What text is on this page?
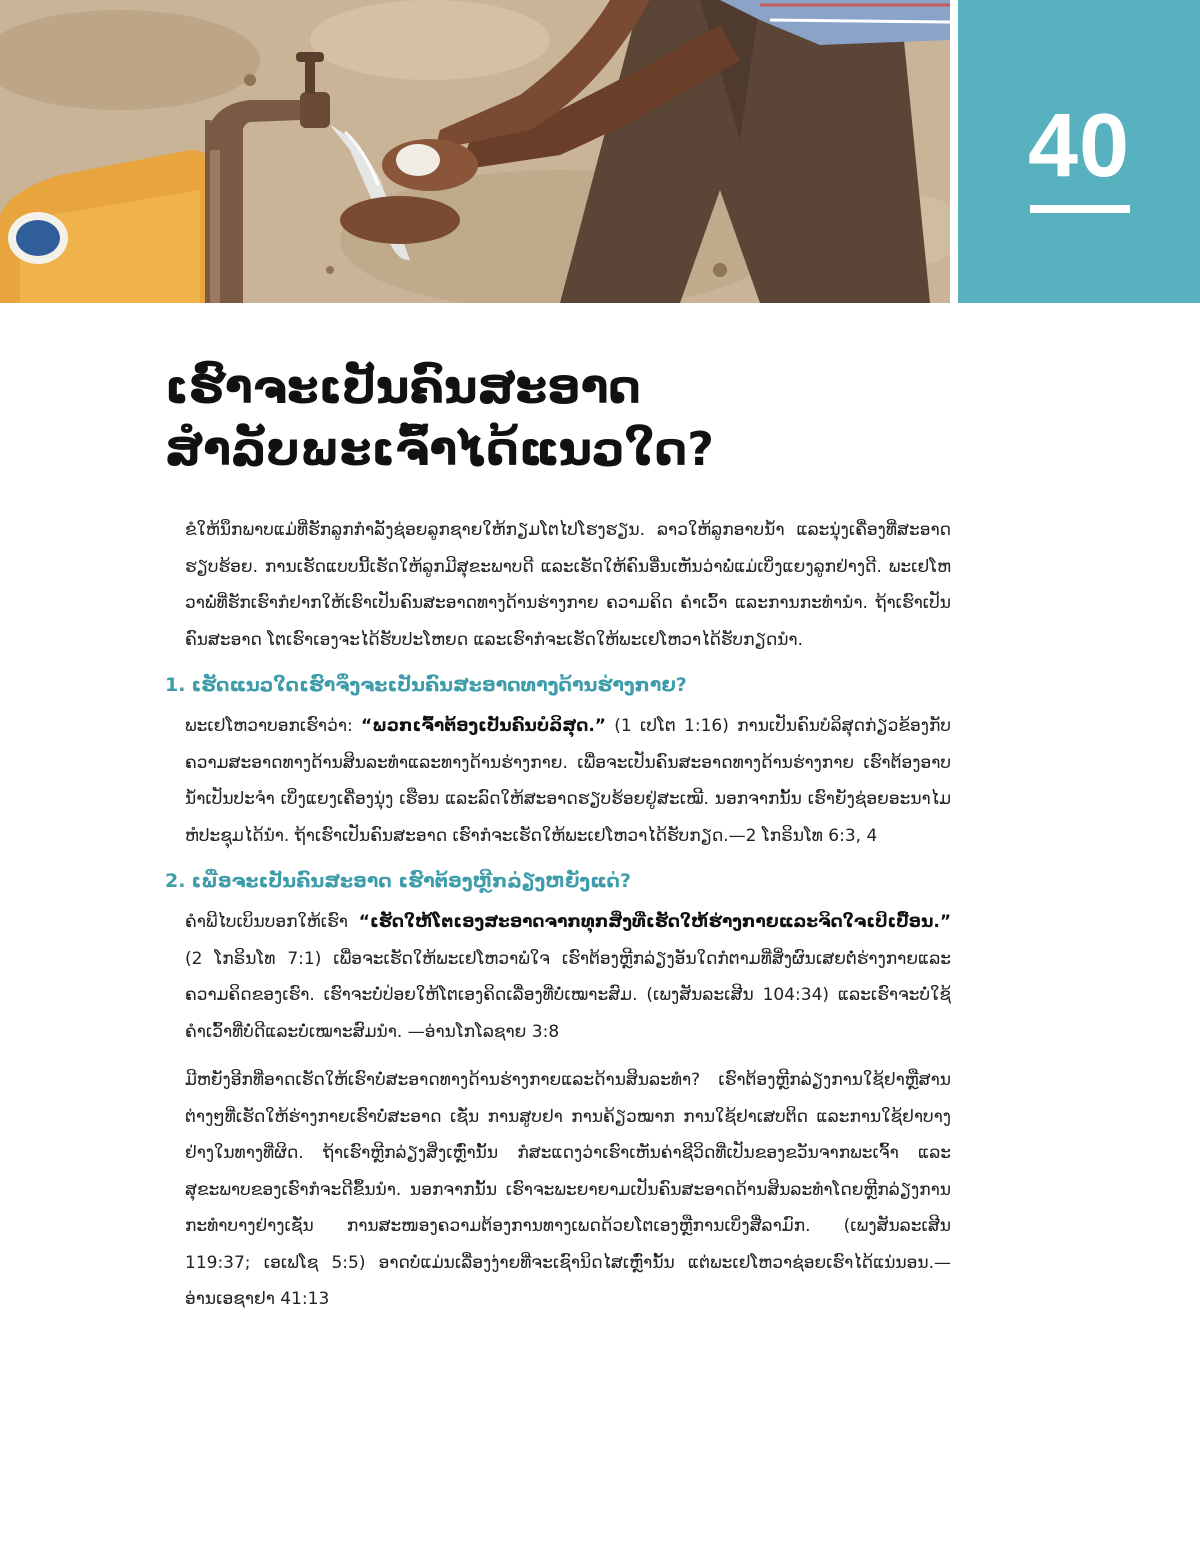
40
ເຮົາຈະເປັນຄົນສະອາດ
ສຳລັບພະເຈົ້າໄດ້ແນວໃດ?

ຂໍໃຫ້ນຶກພາບແມ່ທີ່ຮັກລູກກຳລັງຊ່ອຍລູກຊາຍໃຫ້ກຽມໂຕໄປໂຮງຮຽນ. ລາວໃຫ້ລູກອາບນ້ຳ ແລະນຸ່ງເຄື່ອງທີ່ສະອາດຮຽບຮ້ອຍ. ການເຮັດແບບນີ້ເຮັດໃຫ້ລູກມີສຸຂະພາບດີ ແລະເຮັດໃຫ້ຄົນອື່ນເຫັນວ່າພໍ່ແມ່ເບິ່ງແຍງລູກຢ່າງດີ. ພະເຢໂຫວາພໍ່ທີ່ຮັກເຮົາກໍຢາກໃຫ້ເຮົາເປັນຄົນສະອາດທາງດ້ານຮ່າງກາຍ ຄວາມຄິດ ຄຳເວົ້າ ແລະການກະທຳນຳ. ຖ້າເຮົາເປັນຄົນສະອາດ ໂຕເຮົາເອງຈະໄດ້ຮັບປະໂຫຍດ ແລະເຮົາກໍຈະເຮັດໃຫ້ພະເຢໂຫວາໄດ້ຮັບກຽດນຳ.

1. ເຮັດແນວໃດເຮົາຈຶ່ງຈະເປັນຄົນສະອາດທາງດ້ານຮ່າງກາຍ?

ພະເຢໂຫວາບອກເຮົາວ່າ: “ພວກເຈົ້າຕ້ອງເປັນຄົນບໍລິສຸດ.” (1 ເປໂຕ 1:16) ການເປັນຄົນບໍລິສຸດກ່ຽວຂ້ອງກັບຄວາມສະອາດທາງດ້ານສິນລະທຳແລະທາງດ້ານຮ່າງກາຍ. ເພື່ອຈະເປັນຄົນສະອາດທາງດ້ານຮ່າງກາຍ ເຮົາຕ້ອງອາບນ້ຳເປັນປະຈຳ ເບິ່ງແຍງເຄື່ອງນຸ່ງ ເຮືອນ ແລະລົດໃຫ້ສະອາດຮຽບຮ້ອຍຢູ່ສະເໝີ. ນອກຈາກນັ້ນ ເຮົາຍັງຊ່ອຍອະນາໄມຫໍປະຊຸມໄດ້ນຳ. ຖ້າເຮົາເປັນຄົນສະອາດ ເຮົາກໍຈະເຮັດໃຫ້ພະເຢໂຫວາໄດ້ຮັບກຽດ.—2 ໂກຣິນໂທ 6:3, 4

2. ເພື່ອຈະເປັນຄົນສະອາດ ເຮົາຕ້ອງຫຼີກລ່ຽງຫຍັງແດ່?

ຄຳພີໄບເບິນບອກໃຫ້ເຮົາ “ເຮັດໃຫ້ໂຕເອງສະອາດຈາກທຸກສິ່ງທີ່ເຮັດໃຫ້ຮ່າງກາຍແລະຈິດໃຈເປິເປື້ອນ.” (2 ໂກຣິນໂທ 7:1) ເພື່ອຈະເຮັດໃຫ້ພະເຢໂຫວາພໍໃຈ ເຮົາຕ້ອງຫຼີກລ່ຽງອັນໃດກໍຕາມທີ່ສິ່ງຜົນເສຍຕໍ່ຮ່າງກາຍແລະຄວາມຄິດຂອງເຮົາ. ເຮົາຈະບໍ່ປ່ອຍໃຫ້ໂຕເອງຄິດເລື່ອງທີ່ບໍ່ເໝາະສົມ. (ເພງສັນລະເສີນ 104:34) ແລະເຮົາຈະບໍ່ໃຊ້ຄຳເວົ້າທີ່ບໍ່ດີແລະບໍ່ເໝາະສົມນຳ. —ອ່ານໂກໂລຊາຍ 3:8

ມີຫຍັງອີກທີ່ອາດເຮັດໃຫ້ເຮົາບໍ່ສະອາດທາງດ້ານຮ່າງກາຍແລະດ້ານສິນລະທຳ? ເຮົາຕ້ອງຫຼີກລ່ຽງການໃຊ້ຢາຫຼືສານຕ່າງໆທີ່ເຮັດໃຫ້ຮ່າງກາຍເຮົາບໍ່ສະອາດ ເຊັ່ນ ການສູບຢາ ການຄ້ຽວໝາກ ການໃຊ້ຢາເສບຕິດ ແລະການໃຊ້ຢາບາງຢ່າງໃນທາງທີ່ຜິດ. ຖ້າເຮົາຫຼີກລ່ຽງສິ່ງເຫຼົ່ານັ້ນ ກໍສະແດງວ່າເຮົາເຫັນຄ່າຊີວິດທີ່ເປັນຂອງຂວັນຈາກພະເຈົ້າ ແລະສຸຂະພາບຂອງເຮົາກໍຈະດີຂຶ້ນນຳ. ນອກຈາກນັ້ນ ເຮົາຈະພະຍາຍາມເປັນຄົນສະອາດດ້ານສິນລະທຳໂດຍຫຼີກລ່ຽງການກະທຳບາງຢ່າງເຊັ່ນ ການສະໜອງຄວາມຕ້ອງການທາງເພດດ້ວຍໂຕເອງຫຼືການເບິ່ງສື່ລາມົກ. (ເພງສັນລະເສີນ 119:37; ເອເຟໂຊ 5:5) ອາດບໍ່ແມ່ນເລື່ອງງ່າຍທີ່ຈະເຊົານິດໄສເຫຼົ່ານັ້ນ ແຕ່ພະເຢໂຫວາຊ່ອຍເຮົາໄດ້ແນ່ນອນ.—ອ່ານເອຊາຢາ 41:13
